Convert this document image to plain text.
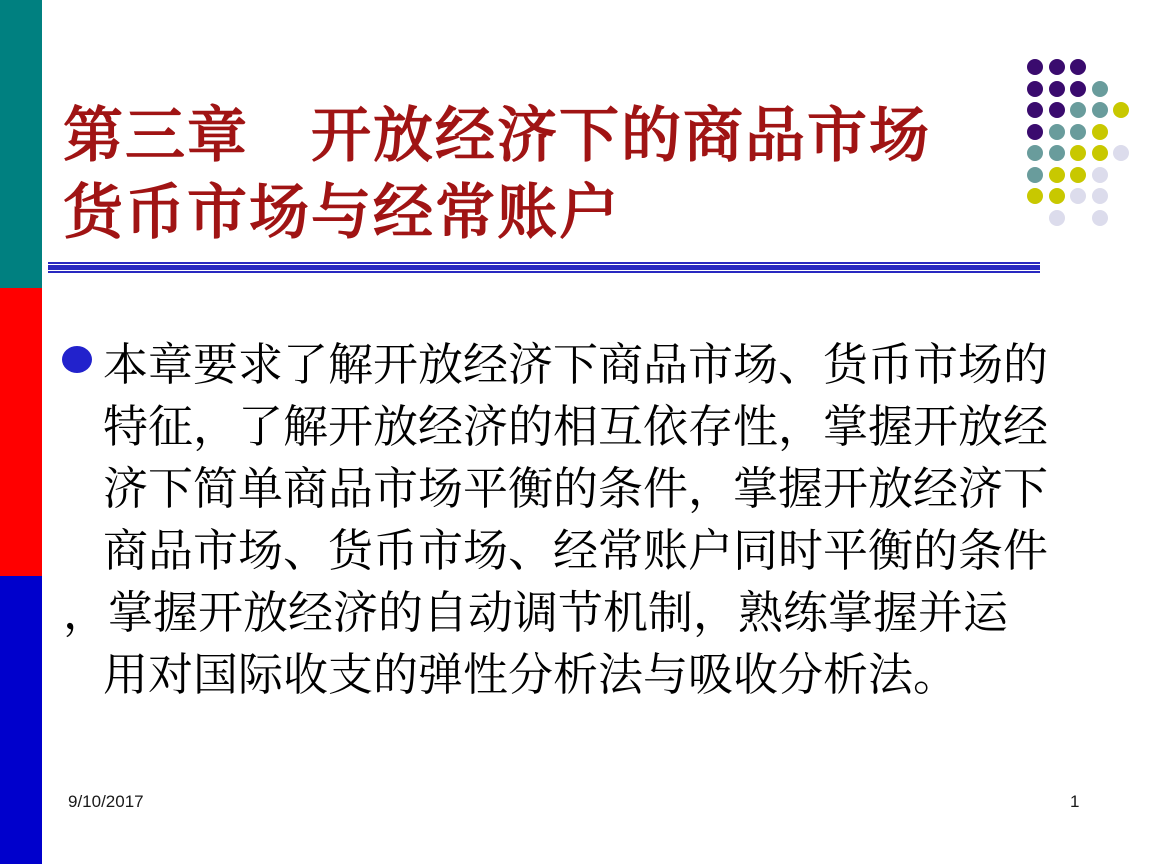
第三章　开放经济下的商品市场
货币市场与经常账户
本章要求了解开放经济下商品市场、货币市场的
特征，了解开放经济的相互依存性，掌握开放经
济下简单商品市场平衡的条件，掌握开放经济下
商品市场、货币市场、经常账户同时平衡的条件
，掌握开放经济的自动调节机制，熟练掌握并运
用对国际收支的弹性分析法与吸收分析法。
9/10/2017	1
